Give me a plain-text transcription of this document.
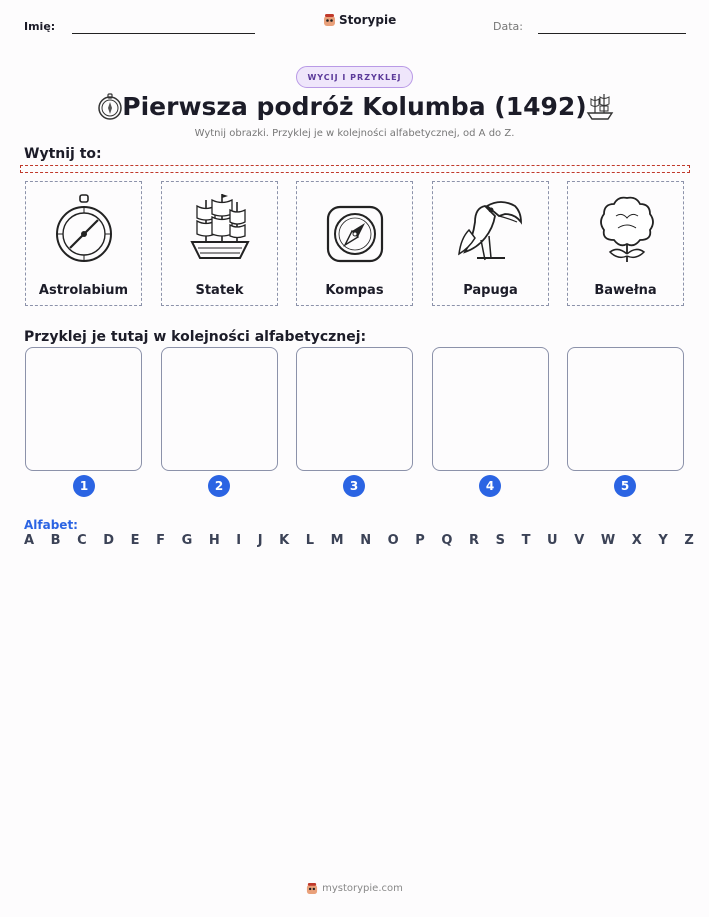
Imię:	Storypie	Data:
WYCIJ I PRZYKLEJ
Pierwsza podróż Kolumba (1492)
Wytnij obrazki. Przyklej je w kolejności alfabetycznej, od A do Z.
Wytnij to:
Astrolabium	Statek	Kompas	Papuga	Bawełna
Przyklej je tutaj w kolejności alfabetycznej:
1	2	3	4	5
Alfabet:
A B C D E F G H I J K L M N O P Q R S T U V W X Y Z
mystorypie.com
